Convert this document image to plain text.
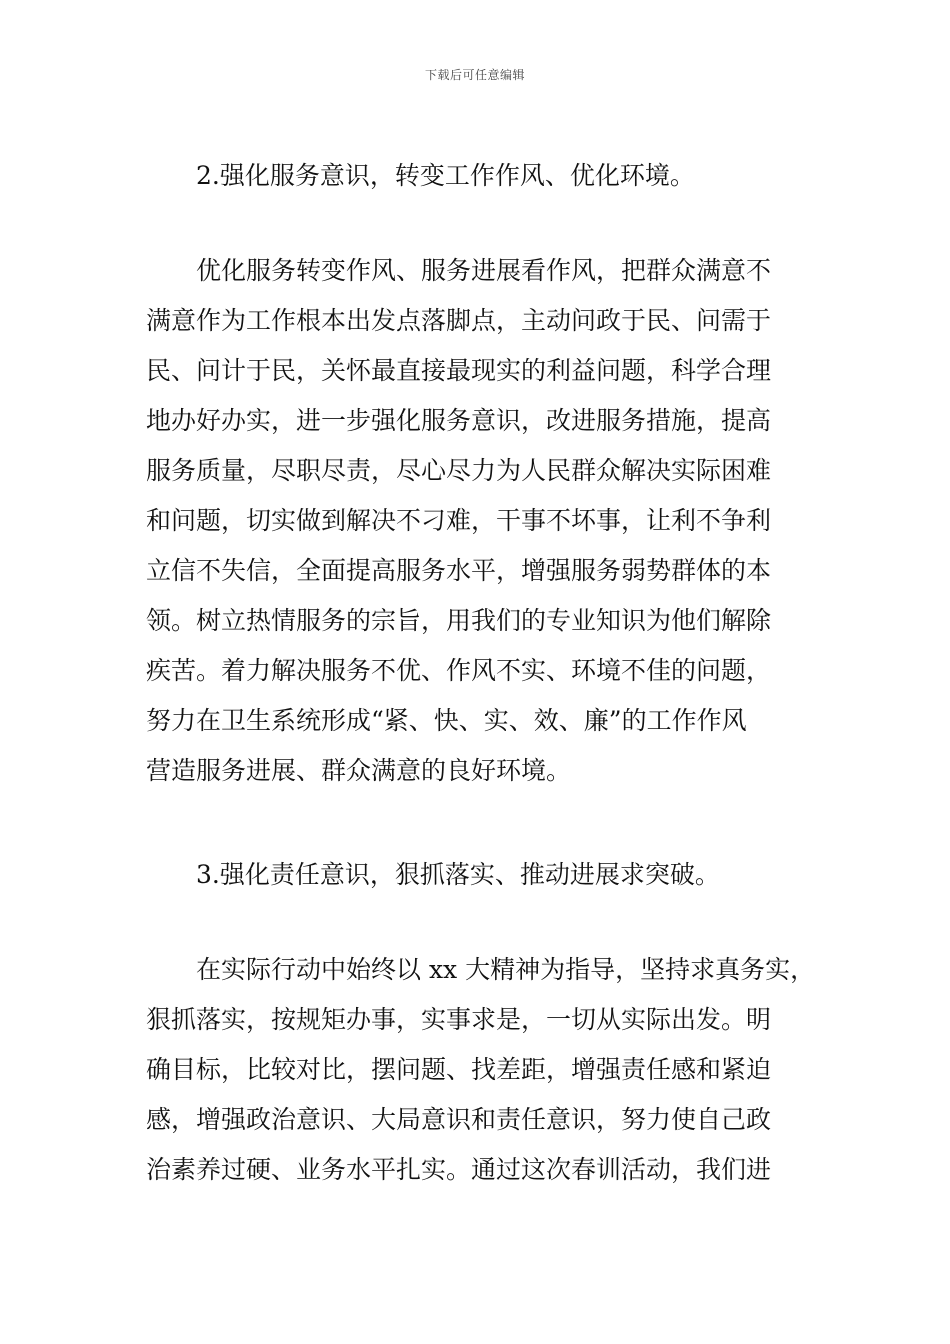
下载后可任意编辑

2.强化服务意识，转变工作作风、优化环境。

优化服务转变作风、服务进展看作风，把群众满意不
满意作为工作根本出发点落脚点，主动问政于民、问需于
民、问计于民，关怀最直接最现实的利益问题，科学合理
地办好办实，进一步强化服务意识，改进服务措施，提高
服务质量，尽职尽责，尽心尽力为人民群众解决实际困难
和问题，切实做到解决不刁难，干事不坏事，让利不争利
立信不失信，全面提高服务水平，增强服务弱势群体的本
领。树立热情服务的宗旨，用我们的专业知识为他们解除
疾苦。着力解决服务不优、作风不实、环境不佳的问题，
努力在卫生系统形成“紧、快、实、效、廉”的工作作风
营造服务进展、群众满意的良好环境。

3.强化责任意识，狠抓落实、推动进展求突破。

在实际行动中始终以 xx 大精神为指导，坚持求真务实，
狠抓落实，按规矩办事，实事求是，一切从实际出发。明
确目标，比较对比，摆问题、找差距，增强责任感和紧迫
感，增强政治意识、大局意识和责任意识，努力使自己政
治素养过硬、业务水平扎实。通过这次春训活动，我们进
